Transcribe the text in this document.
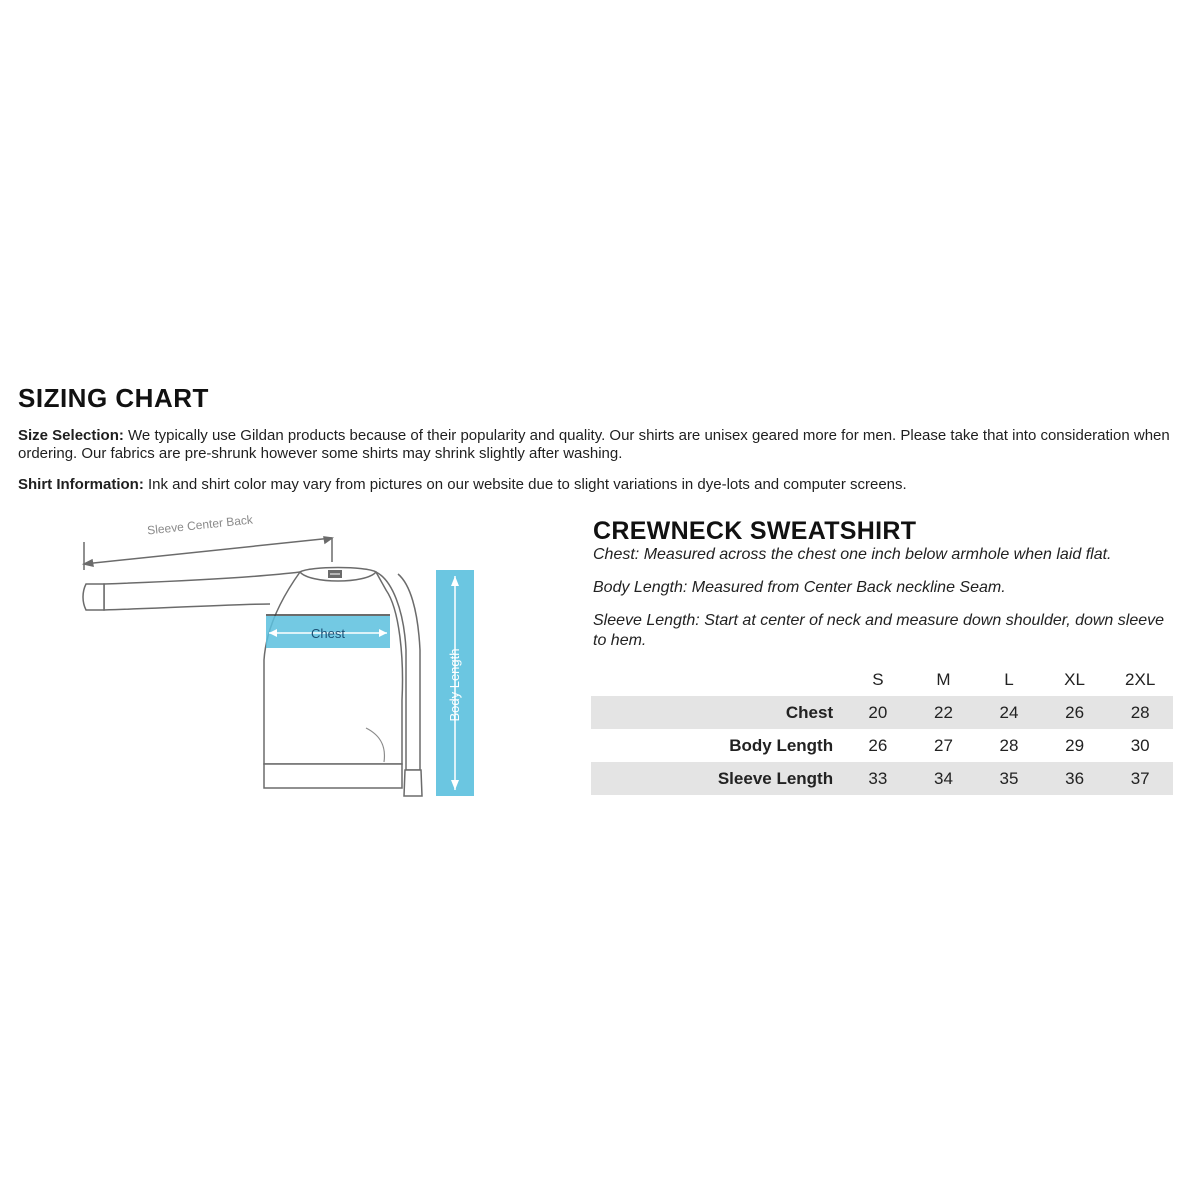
SIZING CHART
Size Selection: We typically use Gildan products because of their popularity and quality. Our shirts are unisex geared more for men. Please take that into consideration when ordering. Our fabrics are pre-shrunk however some shirts may shrink slightly after washing.
Shirt Information: Ink and shirt color may vary from pictures on our website due to slight variations in dye-lots and computer screens.
Sleeve Center Back
Chest
Body Length
CREWNECK SWEATSHIRT
Chest: Measured across the chest one inch below armhole when laid flat.
Body Length: Measured from Center Back neckline Seam.
Sleeve Length: Start at center of neck and measure down shoulder, down sleeve to hem.
	S	M	L	XL	2XL
Chest	20	22	24	26	28
Body Length	26	27	28	29	30
Sleeve Length	33	34	35	36	37
